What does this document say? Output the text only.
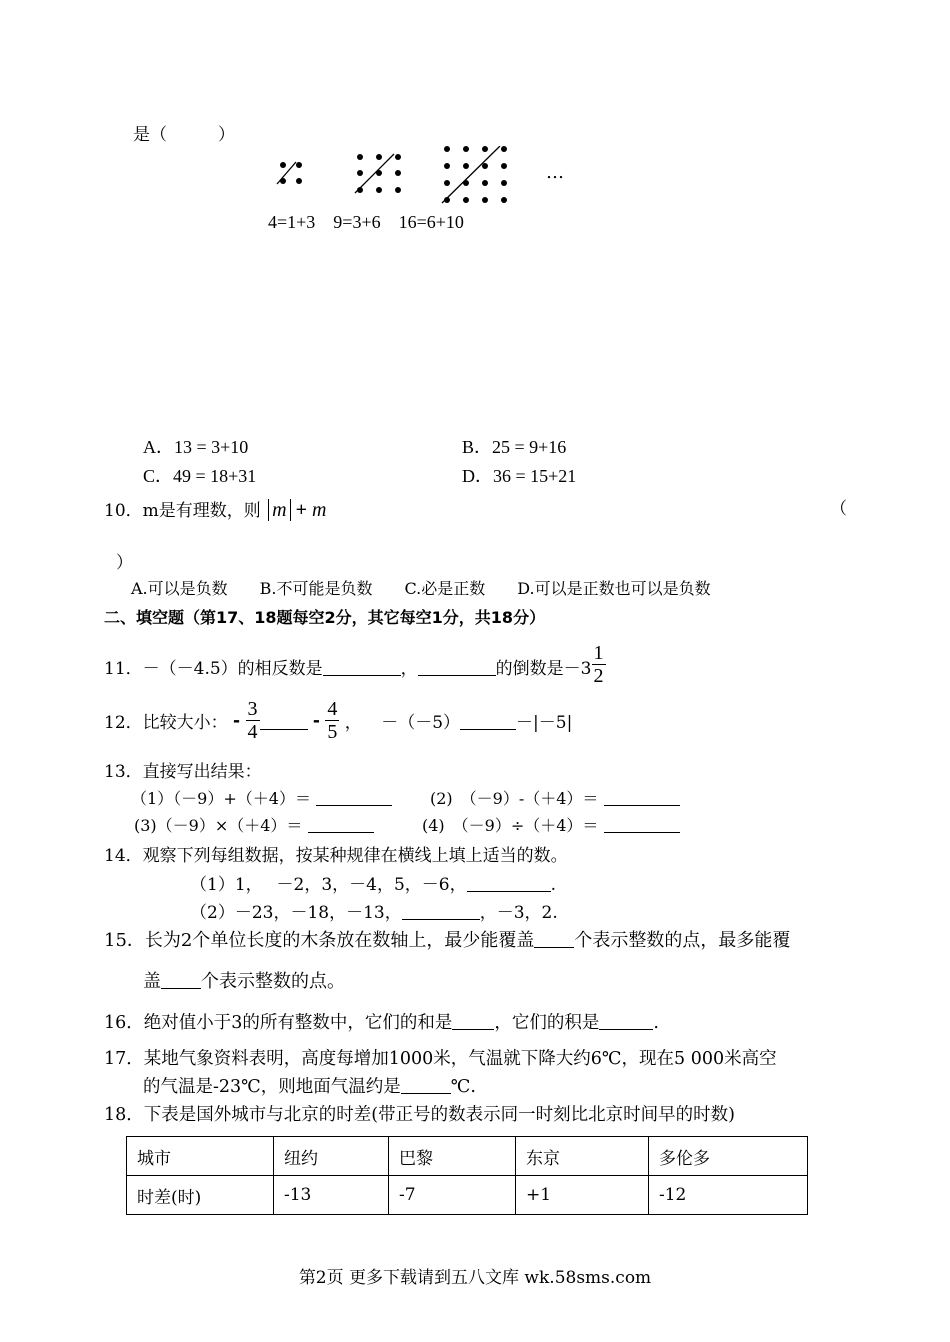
是（　　　）
…
4=1+3　9=3+6　16=6+10
A．13 = 3+10	B．25 = 9+16
C．49 = 18+31	D．36 = 15+21
10．m是有理数，则 m + m	（
）
A.可以是负数　　B.不可能是负数　　C.必是正数　　D.可以是正数也可以是负数
二、填空题（第17、18题每空2分，其它每空1分，共18分）
11．－（－4.5）的相反数是	，	的倒数是$-3 \frac{1}{2}$
12．比较大小： - $\frac{3}{4}$	- $\frac{4}{5}$ ， －（－5）	－|－5|
13．直接写出结果：
（1）（－9）+（＋4）＝	(2)　（－9）-（＋4）＝
(3)（－9）×（＋4）＝	(4)　（－9）÷（＋4）＝
14．观察下列每组数据，按某种规律在横线上填上适当的数。
（1）1，　 －2，3，－4，5，－6，	.
（2）－23，－18，－13，	，－3，2.
15．长为2个单位长度的木条放在数轴上，最少能覆盖 个表示整数的点，最多能覆
盖 个表示整数的点。
16．绝对值小于3的所有整数中，它们的和是 ，它们的积是	.
17．某地气象资料表明，高度每增加1000米，气温就下降大约6℃，现在5 000米高空
的气温是-23℃，则地面气温约是	℃.
18．下表是国外城市与北京的时差(带正号的数表示同一时刻比北京时间早的时数)
城市	纽约	巴黎	东京	多伦多
时差(时)	-13	-7	+1	-12
第2页 更多下载请到五八文库 wk.58sms.com
